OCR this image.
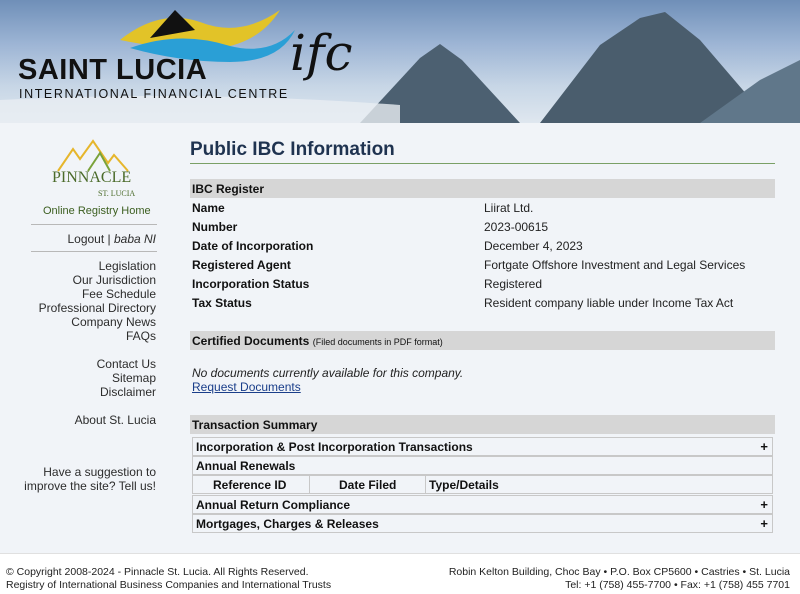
SAINT LUCIA
INTERNATIONAL FINANCIAL CENTRE
ifc
PINNACLE
ST. LUCIA
Online Registry Home
Logout | baba NI
Legislation
Our Jurisdiction
Fee Schedule
Professional Directory
Company News
FAQs
Contact Us
Sitemap
Disclaimer
About St. Lucia
Have a suggestion to improve the site? Tell us!
Public IBC Information
IBC Register
Name	Liirat Ltd.
Number	2023-00615
Date of Incorporation	December 4, 2023
Registered Agent	Fortgate Offshore Investment and Legal Services
Incorporation Status	Registered
Tax Status	Resident company liable under Income Tax Act
Certified Documents (Filed documents in PDF format)
No documents currently available for this company.
Request Documents
Transaction Summary
Incorporation & Post Incorporation Transactions	+
Annual Renewals
Reference ID	Date Filed	Type/Details
Annual Return Compliance	+
Mortgages, Charges & Releases	+
© Copyright 2008-2024 - Pinnacle St. Lucia. All Rights Reserved.
Registry of International Business Companies and International Trusts
Robin Kelton Building, Choc Bay • P.O. Box CP5600 • Castries • St. Lucia
Tel: +1 (758) 455-7700 • Fax: +1 (758) 455 7701
